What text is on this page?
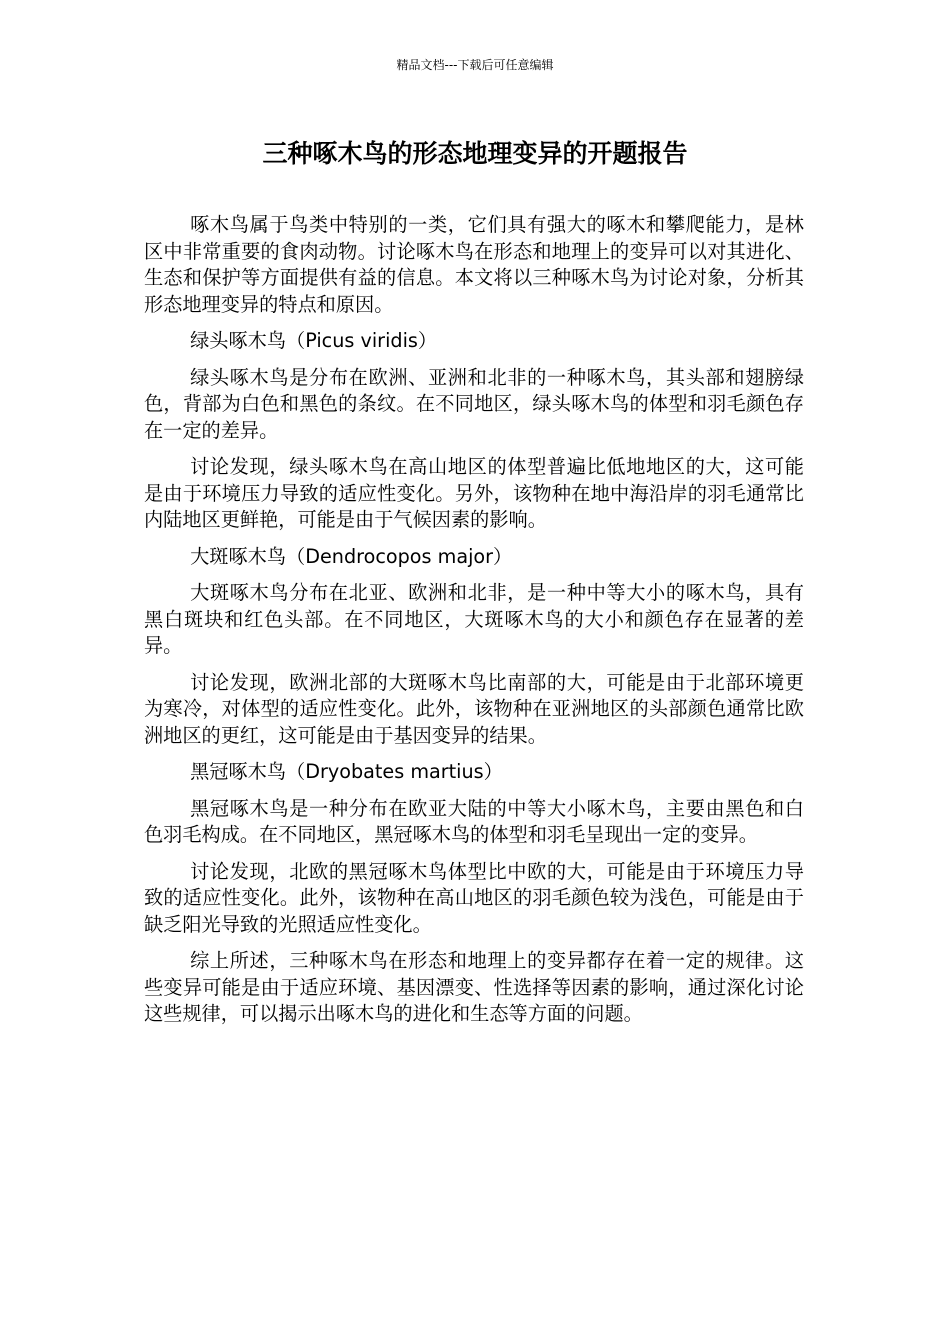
精品文档---下载后可任意编辑
三种啄木鸟的形态地理变异的开题报告

啄木鸟属于鸟类中特别的一类，它们具有强大的啄木和攀爬能力，是林区中非常重要的食肉动物。讨论啄木鸟在形态和地理上的变异可以对其进化、生态和保护等方面提供有益的信息。本文将以三种啄木鸟为讨论对象，分析其形态地理变异的特点和原因。

绿头啄木鸟（Picus viridis）

绿头啄木鸟是分布在欧洲、亚洲和北非的一种啄木鸟，其头部和翅膀绿色，背部为白色和黑色的条纹。在不同地区，绿头啄木鸟的体型和羽毛颜色存在一定的差异。

讨论发现，绿头啄木鸟在高山地区的体型普遍比低地地区的大，这可能是由于环境压力导致的适应性变化。另外，该物种在地中海沿岸的羽毛通常比内陆地区更鲜艳，可能是由于气候因素的影响。

大斑啄木鸟（Dendrocopos major）

大斑啄木鸟分布在北亚、欧洲和北非，是一种中等大小的啄木鸟，具有黑白斑块和红色头部。在不同地区，大斑啄木鸟的大小和颜色存在显著的差异。

讨论发现，欧洲北部的大斑啄木鸟比南部的大，可能是由于北部环境更为寒冷，对体型的适应性变化。此外，该物种在亚洲地区的头部颜色通常比欧洲地区的更红，这可能是由于基因变异的结果。

黑冠啄木鸟（Dryobates martius）

黑冠啄木鸟是一种分布在欧亚大陆的中等大小啄木鸟，主要由黑色和白色羽毛构成。在不同地区，黑冠啄木鸟的体型和羽毛呈现出一定的变异。

讨论发现，北欧的黑冠啄木鸟体型比中欧的大，可能是由于环境压力导致的适应性变化。此外，该物种在高山地区的羽毛颜色较为浅色，可能是由于缺乏阳光导致的光照适应性变化。

综上所述，三种啄木鸟在形态和地理上的变异都存在着一定的规律。这些变异可能是由于适应环境、基因漂变、性选择等因素的影响，通过深化讨论这些规律，可以揭示出啄木鸟的进化和生态等方面的问题。
